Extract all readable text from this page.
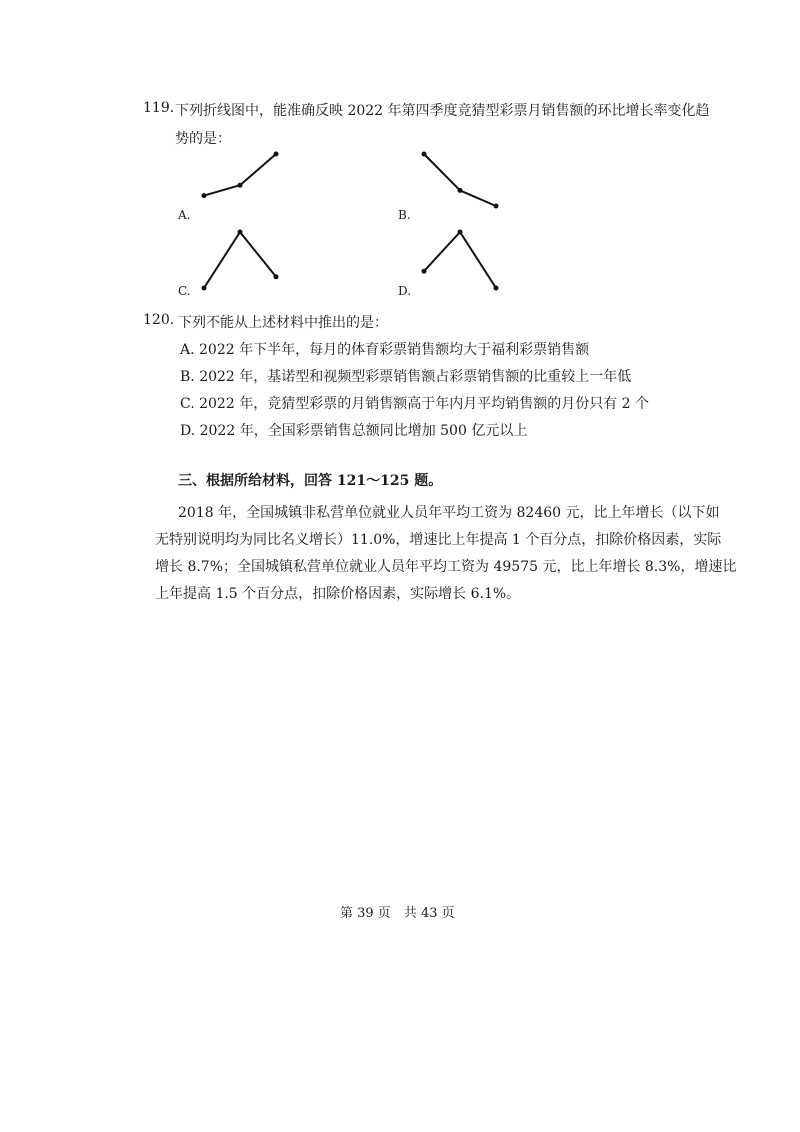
119. 下列折线图中，能准确反映 2022 年第四季度竞猜型彩票月销售额的环比增长率变化趋
势的是：
A.	B.
C.	D.
120. 下列不能从上述材料中推出的是：
A. 2022 年下半年，每月的体育彩票销售额均大于福利彩票销售额
B. 2022 年，基诺型和视频型彩票销售额占彩票销售额的比重较上一年低
C. 2022 年，竞猜型彩票的月销售额高于年内月平均销售额的月份只有 2 个
D. 2022 年，全国彩票销售总额同比增加 500 亿元以上
三、根据所给材料，回答 121～125 题。
2018 年，全国城镇非私营单位就业人员年平均工资为 82460 元，比上年增长（以下如
无特别说明均为同比名义增长）11.0%，增速比上年提高 1 个百分点，扣除价格因素，实际
增长 8.7%；全国城镇私营单位就业人员年平均工资为 49575 元，比上年增长 8.3%，增速比
上年提高 1.5 个百分点，扣除价格因素，实际增长 6.1%。
第 39 页　共 43 页
